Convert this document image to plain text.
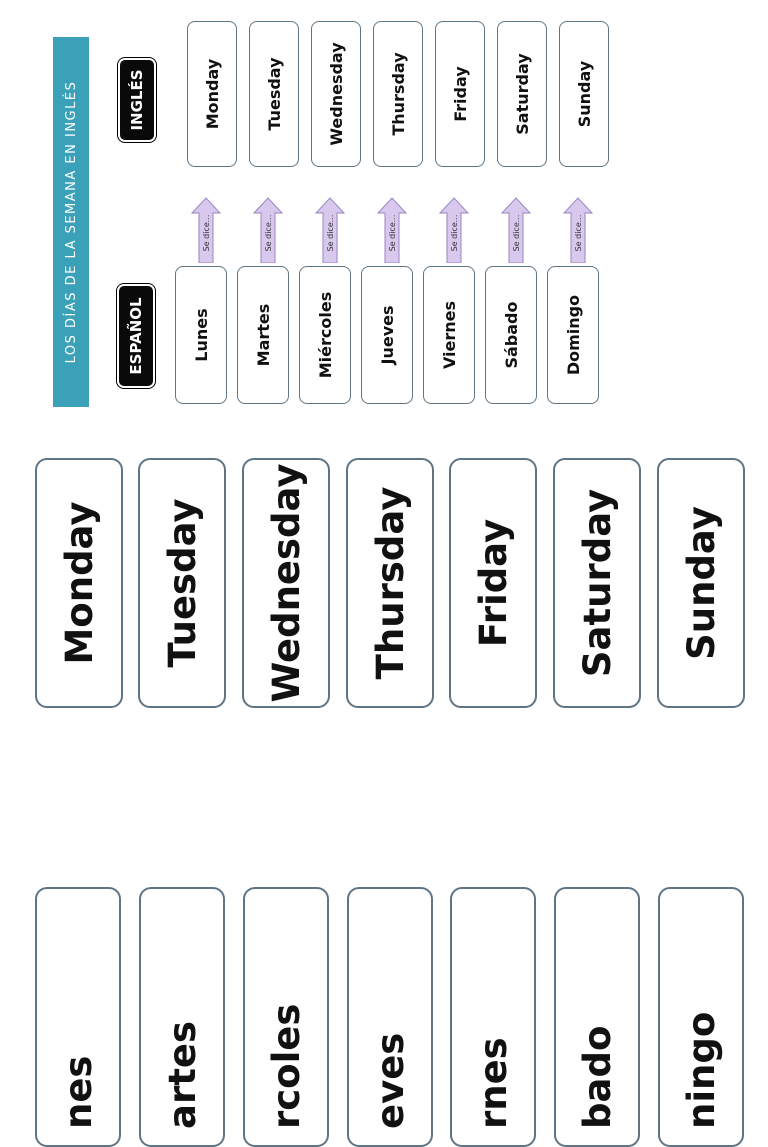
LOS DÍAS DE LA SEMANA EN INGLÉS	ESPAÑOL
INGLÉS	Monday	Tuesday	Wednesday	Thursday	Friday	Saturday	Sunday
Se dice...	Se dice...	Se dice...	Se dice...	Se dice...	Se dice...	Se dice...
Lunes	Martes	Miércoles	Jueves	Viernes	Sábado	Domingo
Monday	Tuesday	Wednesday	Thursday	Friday	Saturday	Sunday
nes	artes	rcoles	eves	rnes	bado	ningo
